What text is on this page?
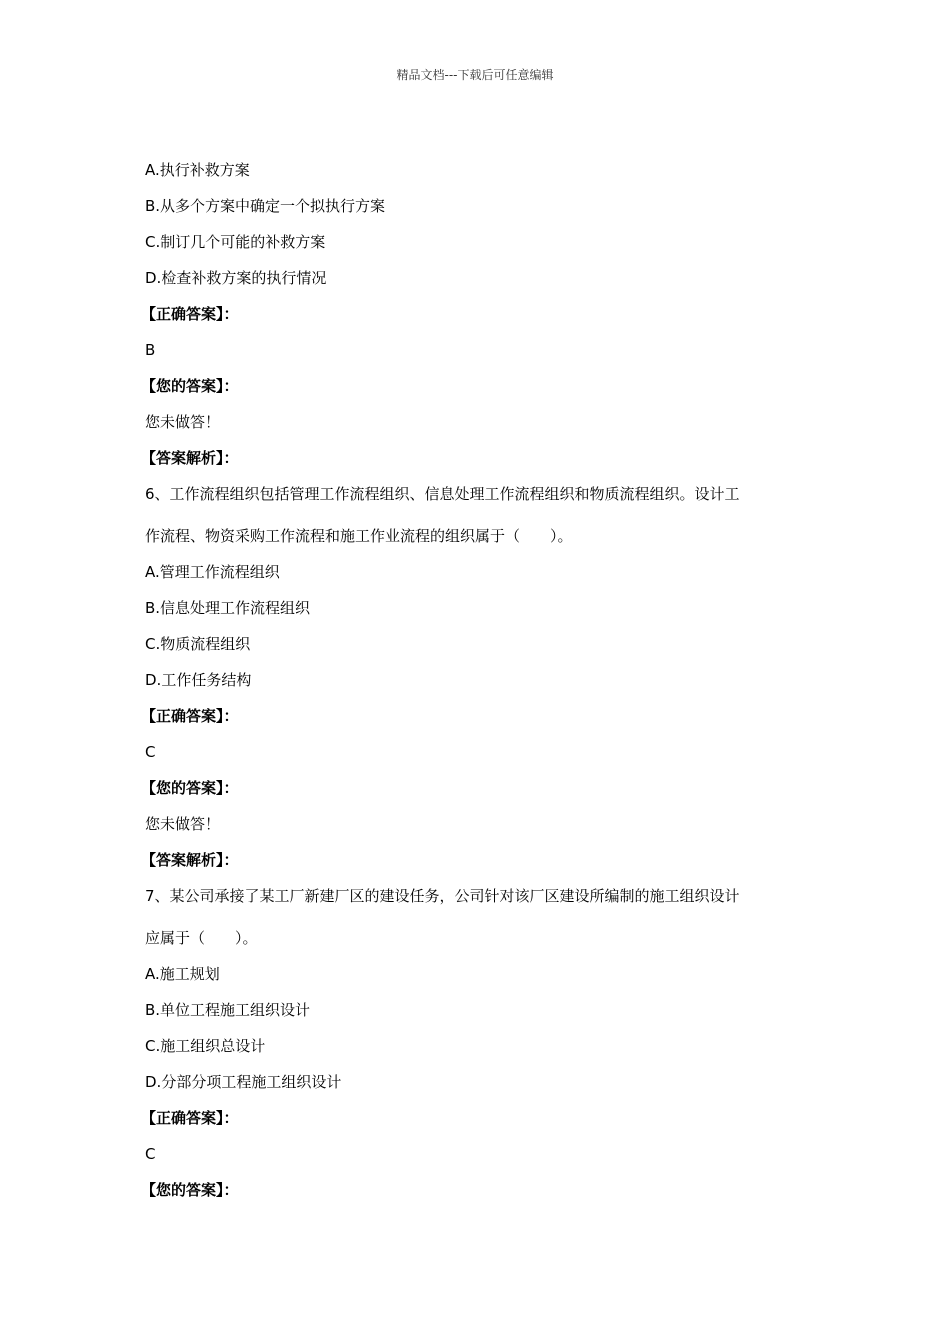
精品文档---下载后可任意编辑
A.执行补救方案
B.从多个方案中确定一个拟执行方案
C.制订几个可能的补救方案
D.检查补救方案的执行情况
【正确答案】：
B
【您的答案】：
您未做答！
【答案解析】：
6、工作流程组织包括管理工作流程组织、信息处理工作流程组织和物质流程组织。设计工
作流程、物资采购工作流程和施工作业流程的组织属于（　　）。
A.管理工作流程组织
B.信息处理工作流程组织
C.物质流程组织
D.工作任务结构
【正确答案】：
C
【您的答案】：
您未做答！
【答案解析】：
7、某公司承接了某工厂新建厂区的建设任务，公司针对该厂区建设所编制的施工组织设计
应属于（　　）。
A.施工规划
B.单位工程施工组织设计
C.施工组织总设计
D.分部分项工程施工组织设计
【正确答案】：
C
【您的答案】：
